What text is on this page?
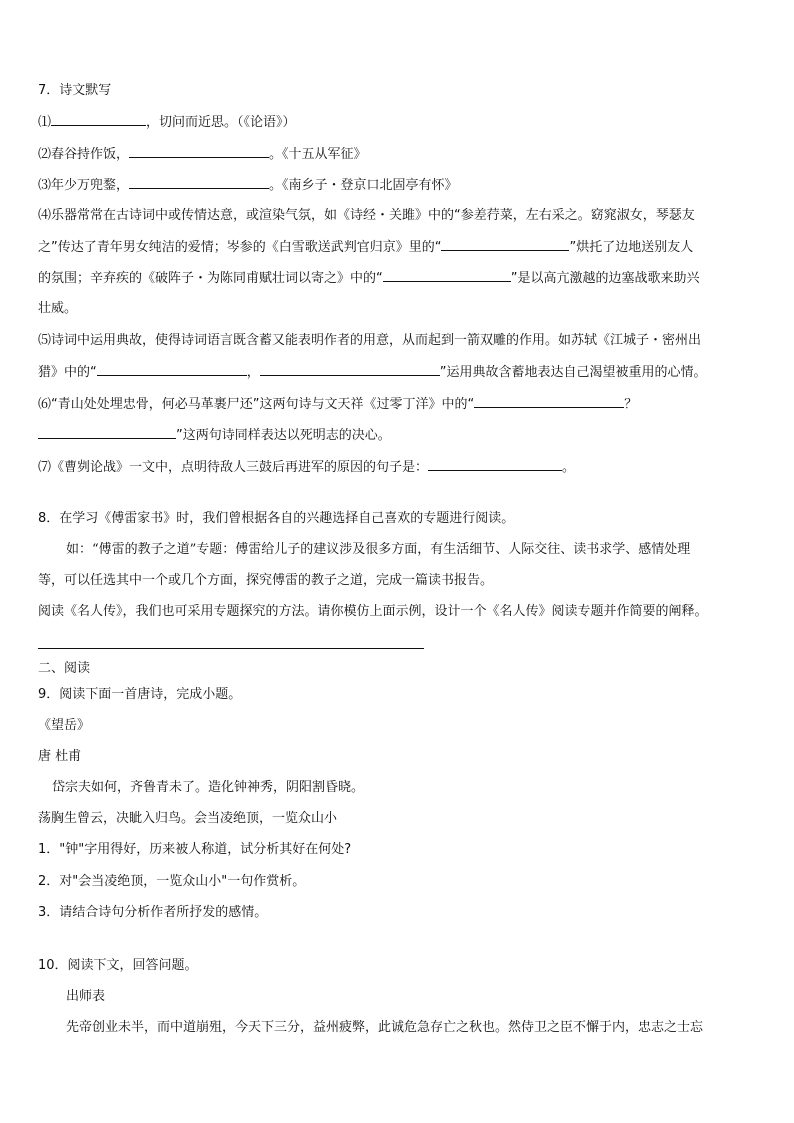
7．诗文默写
⑴	，切问而近思。（《论语》）
⑵春谷持作饭，	。《十五从军征》
⑶年少万兜鍪，	。《南乡子・登京口北固亭有怀》
⑷乐器常常在古诗词中或传情达意，或渲染气氛，如《诗经・关雎》中的“参差荇菜，左右采之。窈窕淑女，琴瑟友
之”传达了青年男女纯洁的爱情；岑参的《白雪歌送武判官归京》里的“	”烘托了边地送别友人
的氛围；辛弃疾的《破阵子・为陈同甫赋壮词以寄之》中的“	”是以高亢激越的边塞战歌来助兴
壮威。
⑸诗词中运用典故，使得诗词语言既含蓄又能表明作者的用意，从而起到一箭双雕的作用。如苏轼《江城子・密州出
猎》中的“	，	”运用典故含蓄地表达自己渴望被重用的心情。
⑹“青山处处埋忠骨，何必马革裹尸还”这两句诗与文天祥《过零丁洋》中的“	？
”这两句诗同样表达以死明志的决心。
⑺《曹刿论战》一文中，点明待敌人三鼓后再进军的原因的句子是：	。
8．在学习《傅雷家书》时，我们曾根据各自的兴趣选择自己喜欢的专题进行阅读。
如：“傅雷的教子之道”专题：傅雷给儿子的建议涉及很多方面，有生活细节、人际交往、读书求学、感情处理
等，可以任选其中一个或几个方面，探究傅雷的教子之道，完成一篇读书报告。
阅读《名人传》，我们也可采用专题探究的方法。请你模仿上面示例，设计一个《名人传》阅读专题并作简要的阐释。
二、阅读
9．阅读下面一首唐诗，完成小题。
《望岳》
唐 杜甫
岱宗夫如何，齐鲁青未了。造化钟神秀，阴阳割昏晓。
荡胸生曾云，决眦入归鸟。会当凌绝顶，一览众山小
1．"钟"字用得好，历来被人称道，试分析其好在何处?
2．对"会当凌绝顶，一览众山小"一句作赏析。
3．请结合诗句分析作者所抒发的感情。
10．阅读下文，回答问题。
出师表
先帝创业未半，而中道崩殂，今天下三分，益州疲弊，此诚危急存亡之秋也。然侍卫之臣不懈于内，忠志之士忘
